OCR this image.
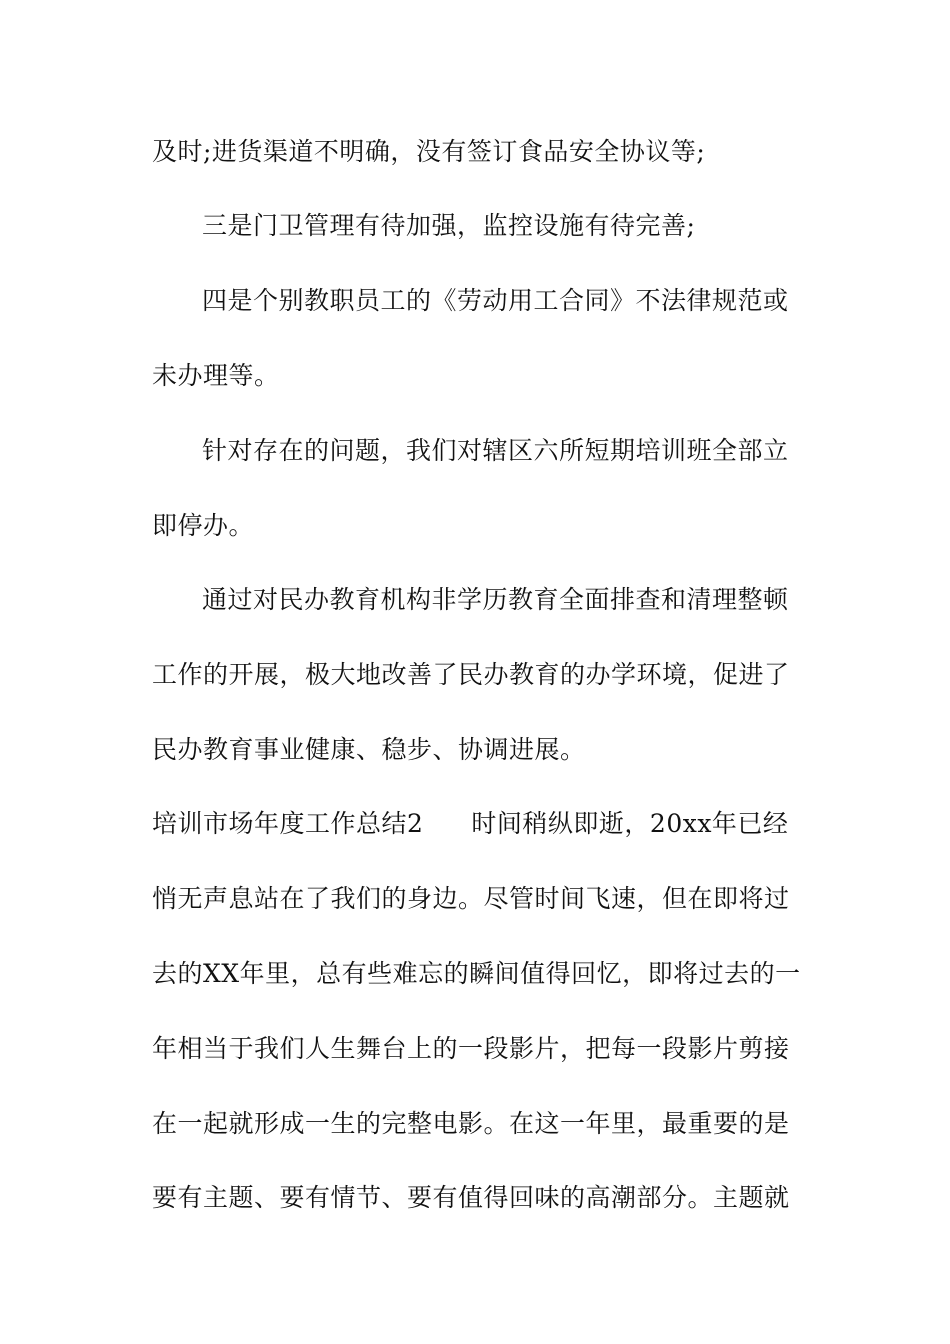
及时;进货渠道不明确，没有签订食品安全协议等;
三是门卫管理有待加强，监控设施有待完善;
四是个别教职员工的《劳动用工合同》不法律规范或
未办理等。
针对存在的问题，我们对辖区六所短期培训班全部立
即停办。
通过对民办教育机构非学历教育全面排查和清理整顿
工作的开展，极大地改善了民办教育的办学环境，促进了
民办教育事业健康、稳步、协调进展。
培训市场年度工作总结2 时间稍纵即逝，20xx年已经
悄无声息站在了我们的身边。尽管时间飞速，但在即将过
去的XX年里，总有些难忘的瞬间值得回忆，即将过去的一
年相当于我们人生舞台上的一段影片，把每一段影片剪接
在一起就形成一生的完整电影。在这一年里，最重要的是
要有主题、要有情节、要有值得回味的高潮部分。主题就
